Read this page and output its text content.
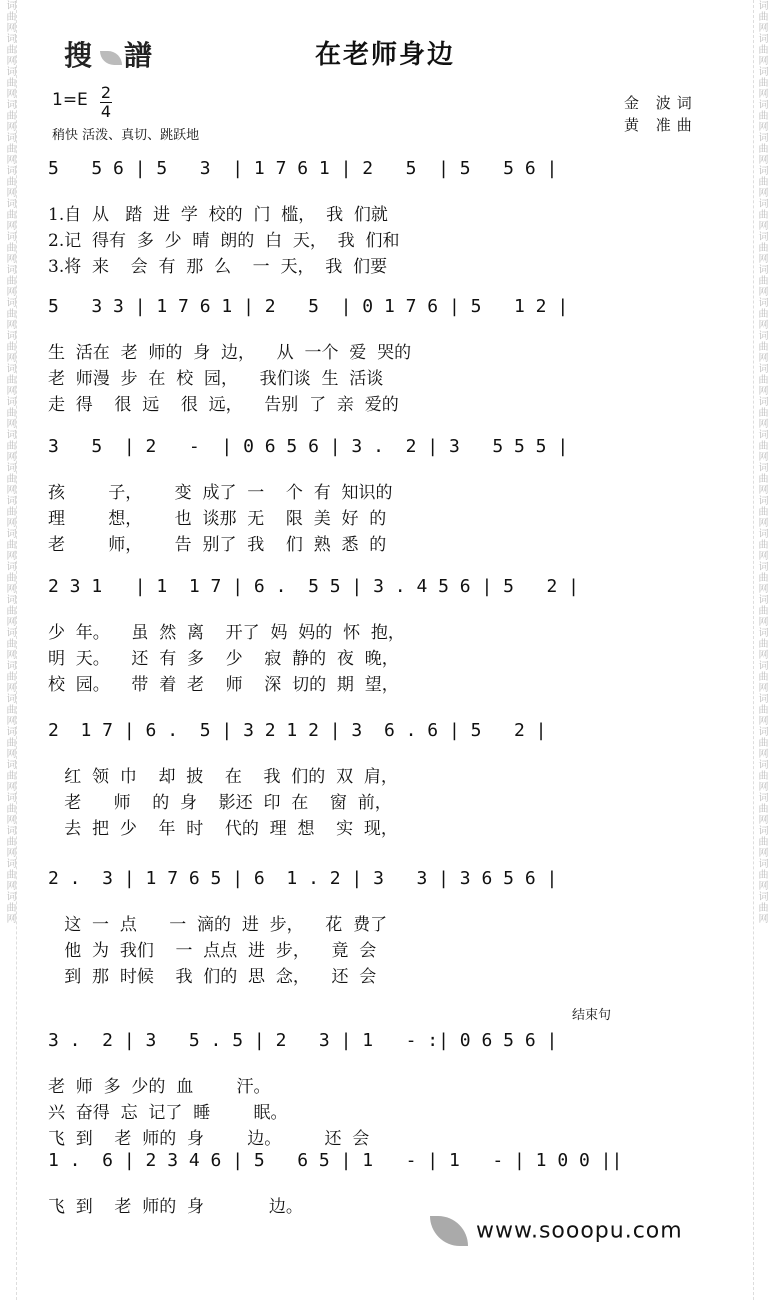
词曲网词曲网词曲网词曲网词曲网词曲网词曲网词曲网词曲网词曲网词曲网词曲网词曲网词曲网词曲网词曲网词曲网词曲网词曲网词曲网词曲网词曲网词曲网词曲网词曲网词曲网词曲网词曲网	词曲网词曲网词曲网词曲网词曲网词曲网词曲网词曲网词曲网词曲网词曲网词曲网词曲网词曲网词曲网词曲网词曲网词曲网词曲网词曲网词曲网词曲网词曲网词曲网词曲网词曲网词曲网词曲网
搜 譜	在老师身边
1=E 2
4
稍快 活泼、真切、跳跃地
金 波词
黄 准曲
结束句
5   5 6 | 5   3  | 1 7 6 1 | 2   5  | 5   5 6 |
1.自  从   踏  进  学  校的  门  槛，  我  们就
2.记  得有  多  少  晴  朗的  白  天，  我  们和
3.将  来    会  有  那  么    一  天，  我  们要
5   3 3 | 1 7 6 1 | 2   5  | 0 1 7 6 | 5   1 2 |
生  活在  老  师的  身  边，    从  一个  爱  哭的
老  师漫  步  在  校  园，    我们谈  生  活谈
走  得    很  远    很  远，    告别  了  亲  爱的
3   5  | 2   -  | 0 6 5 6 | 3 .  2 | 3   5 5 5 |
孩        子，      变  成了  一    个  有  知识的
理        想，      也  谈那  无    限  美  好  的
老        师，      告  别了  我    们  熟  悉  的
2 3 1   | 1  1 7 | 6 .  5 5 | 3 . 4 5 6 | 5   2 |
少  年。    虽  然  离    开了  妈  妈的  怀  抱，
明  天。    还  有  多    少    寂  静的  夜  晚，
校  园。    带  着  老    师    深  切的  期  望，
2  1 7 | 6 .  5 | 3 2 1 2 | 3  6 . 6 | 5   2 |
红  领  巾    却  披    在    我  们的  双  肩，
老      师    的  身    影还  印  在    窗  前，
去  把  少    年  时    代的  理  想    实  现，
2 .  3 | 1 7 6 5 | 6  1 . 2 | 3   3 | 3 6 5 6 |
这  一  点      一  滴的  进  步，    花  费了
他  为  我们    一  点点  进  步，    竟  会
到  那  时候    我  们的  思  念，    还  会
3 .  2 | 3   5 . 5 | 2   3 | 1   - :| 0 6 5 6 |
老  师  多  少的  血        汗。
兴  奋得  忘  记了  睡        眠。
飞  到    老  师的  身        边。        还  会
1 .  6 | 2 3 4 6 | 5   6 5 | 1   - | 1   - | 1 0 0 ||
飞  到    老  师的  身            边。
www.sooopu.com
